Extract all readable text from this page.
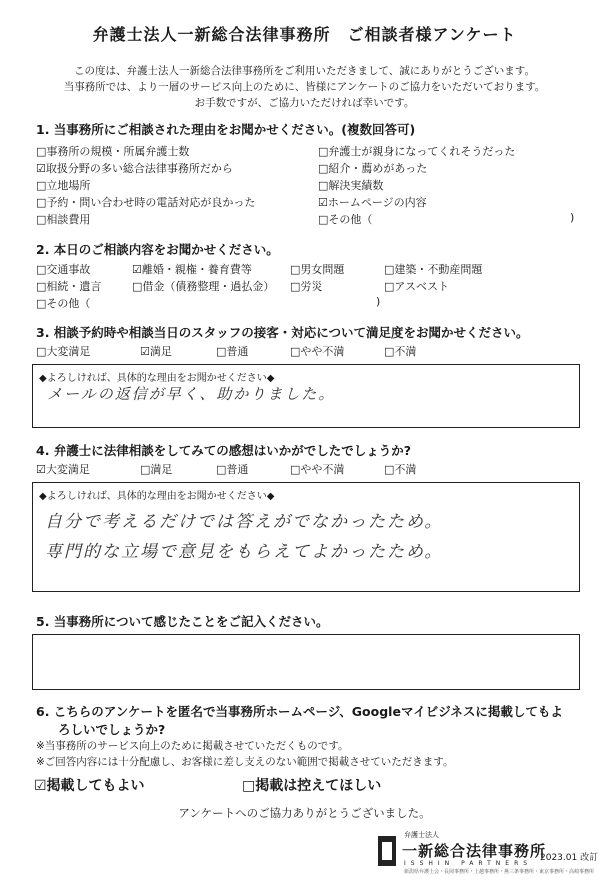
弁護士法人一新総合法律事務所　ご相談者様アンケート
この度は、弁護士法人一新総合法律事務所をご利用いただきまして、誠にありがとうございます。
当事務所では、より一層のサービス向上のために、皆様にアンケートのご協力をいただいております。
お手数ですが、ご協力いただければ幸いです。
1. 当事務所にご相談された理由をお聞かせください。(複数回答可)
□事務所の規模・所属弁護士数
☑取扱分野の多い総合法律事務所だから
□立地場所
□予約・問い合わせ時の電話対応が良かった
□相談費用
□弁護士が親身になってくれそうだった
□紹介・薦めがあった
□解決実績数
☑ホームページの内容
□その他（	)
2. 本日のご相談内容をお聞かせください。
□交通事故	☑離婚・親権・養育費等	□男女問題	□建築・不動産問題
□相続・遺言	□借金（債務整理・過払金） □労災	□アスベスト
□その他（	)
3. 相談予約時や相談当日のスタッフの接客・対応について満足度をお聞かせください。
□大変満足	☑満足	□普通	□やや不満	□不満
◆よろしければ、具体的な理由をお聞かせください◆
メールの返信が早く、助かりました。
4. 弁護士に法律相談をしてみての感想はいかがでしたでしょうか?
☑大変満足	□満足	□普通	□やや不満	□不満
◆よろしければ、具体的な理由をお聞かせください◆
自分で考えるだけでは答えがでなかったため。
専門的な立場で意見をもらえてよかったため。
5. 当事務所について感じたことをご記入ください。
6. こちらのアンケートを匿名で当事務所ホームページ、Googleマイビジネスに掲載してもよ
ろしいでしょうか?
※当事務所のサービス向上のために掲載させていただくものです。
※ご回答内容には十分配慮し、お客様に差し支えのない範囲で掲載させていただきます。
☑掲載してもよい	□掲載は控えてほしい
アンケートへのご協力ありがとうございました。
弁護士法人
一新総合法律事務所
ISSHIN PARTNERS
新潟県弁護士会・長岡事務所・上越事務所・燕三条事務所・東京事務所・高崎事務所
2023.01 改訂
